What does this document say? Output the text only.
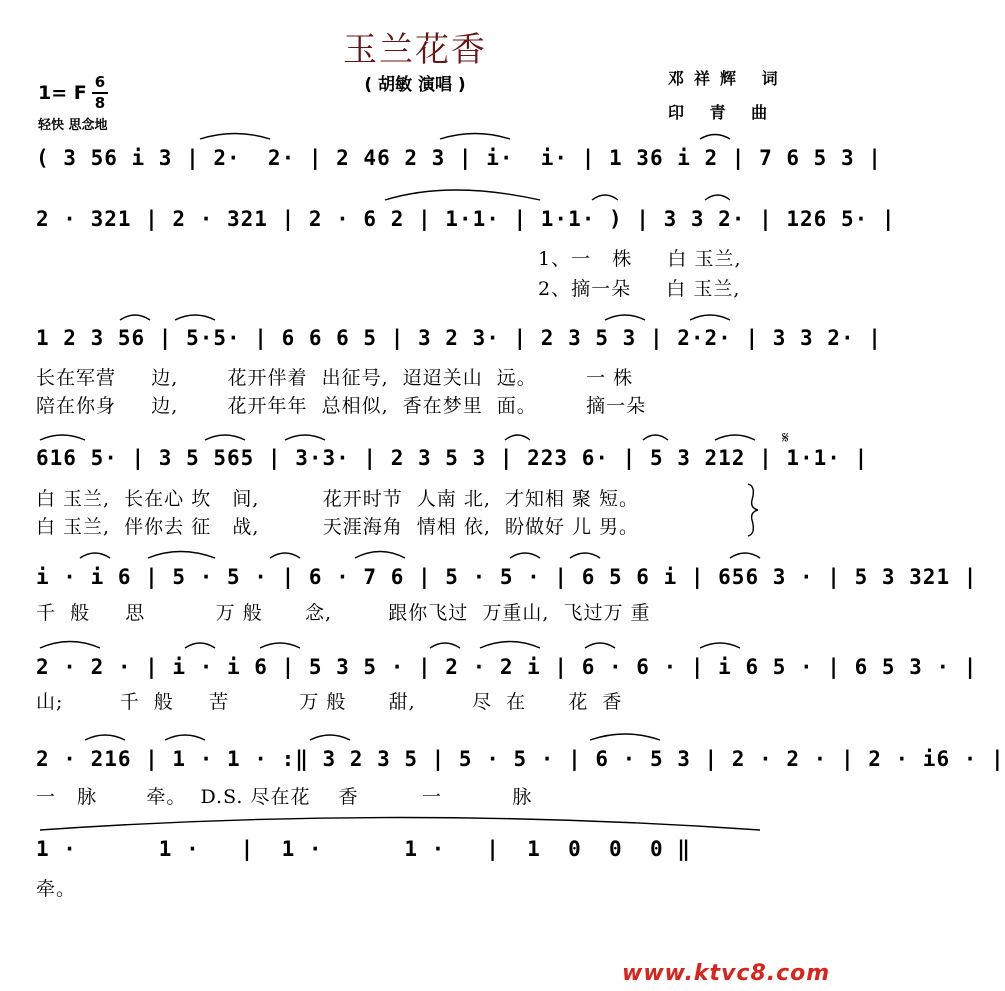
玉兰花香
( 胡敏 演唱 )	邓祥辉 词
印 青 曲
1= F 6
8
轻快 思念地
( 3 56 i 3 | 2·  2· | 2 46 2 3 | i·  i· | 1 36 i 2 | 7 6 5 3 |
2 · 321 | 2 · 321 | 2 · 6 2 | 1·1· | 1·1· ) | 3 3 2· | 126 5· |
1 2 3 56 | 5·5· | 6 6 6 5 | 3 2 3· | 2 3 5 3 | 2·2· | 3 3 2· |
616 5· | 3 5 565 | 3·3· | 2 3 5 3 | 223 6· | 5 3 212 | 1·1· |
i · i 6 | 5 · 5 · | 6 · 7 6 | 5 · 5 · | 6 5 6 i | 656 3 · | 5 3 321 |
2 · 2 · | i · i 6 | 5 3 5 · | 2 · 2 i | 6 · 6 · | i 6 5 · | 6 5 3 · |
2 · 216 | 1 · 1 · :‖ 3 2 3 5 | 5 · 5 · | 6 · 5 3 | 2 · 2 · | 2 · i6 · |
1 ·      1 ·   |  1 ·      1 ·   |  1  0  0  0 ‖
1、一   株     白 玉兰,
2、摘一朵     白 玉兰,
长在军营     边,       花开伴着  出征号,  迢迢关山  远。       一 株
陪在你身     边,       花开年年  总相似,  香在梦里  面。       摘一朵
白 玉兰,  长在心 坎   间,         花开时节  人南 北,  才知相 聚 短。
白 玉兰,  伴你去 征   战,         天涯海角  情相 依,  盼做好 儿 男。
千  般     思          万 般      念,        跟你飞过  万重山,  飞过万 重
山;        千  般     苦          万 般      甜,        尽  在      花  香
一   脉       牵。  D.S. 尽在花    香         一          脉
牵。
𝄋
www.ktvc8.com
